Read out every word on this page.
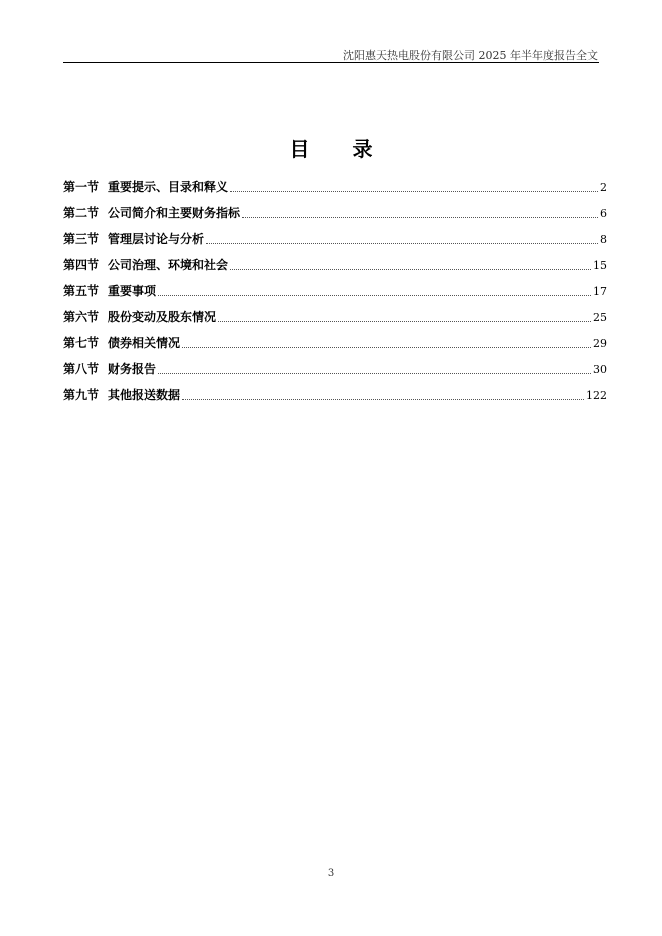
沈阳惠天热电股份有限公司 2025 年半年度报告全文
目 录
第一节 重要提示、目录和释义	2
第二节 公司简介和主要财务指标	6
第三节 管理层讨论与分析	8
第四节 公司治理、环境和社会	15
第五节 重要事项	17
第六节 股份变动及股东情况	25
第七节 债券相关情况	29
第八节 财务报告	30
第九节 其他报送数据	122
3
